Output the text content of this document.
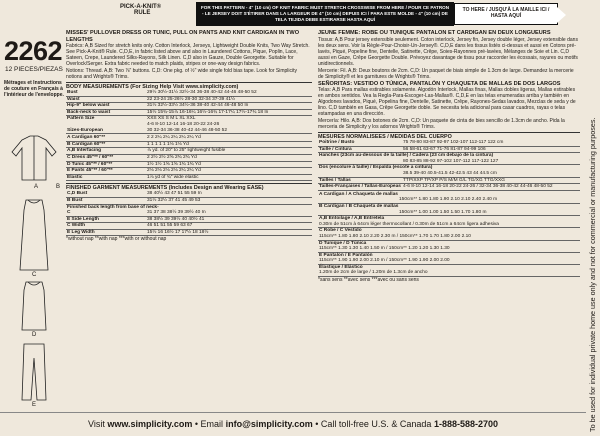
PICK-A-KNIT®
RULE
FOR THIS PATTERN - 4" (10 cm) OF KNIT FABRIC MUST STRETCH CROSSWISE FROM HERE / POUR CE PATRON - LE JERSEY DOIT S'ÉTIRER DANS LA LARGEUR DE 4" (10 cm) DEPUIS ICI / PARA ESTE MOLDE - 4" (10 cm) DE TELA TEJIDA DEBE ESTIRARSE HASTA AQUÍ
TO HERE / JUSQU'À LA MAILLE ICI / HASTA AQUÍ
2262
12 PIECES/PIEZAS
Métrages et Instructions de couture en Français à l'intérieur de l'enveloppe.
A	B
C
D
E
MISSES' PULLOVER DRESS OR TUNIC, PULL ON PANTS AND KNIT CARDIGAN IN TWO LENGTHS
Fabrics: A,B Sized for stretch knits only. Cotton Interlock, Jerseys, Lightweight Double Knits, Two Way Stretch. See Pick-A-Knit® Rule. C,D,E, in fabric listed above and also in Laundered Cottons, Pique, Poplin, Lace, Sateen, Crepe, Laundered Silks-Rayons, Silk Linen. C,D also in Gauze, Double Georgette. Suitable for Overlock/Serger. Extra fabric needed to match plaids, stripes or one-way design fabrics.
Notions: Thread. A,B: Two ⅞" buttons. C,D: One pkg. of ½" wide single fold bias tape. Look for Simplicity notions and Wrights® Trims.
BODY MEASUREMENTS (For Sizing Help Visit www.simplicity.com)
Bust	29½ 30½-31½ 32½-34 36-38 40-42 44-46 48-50 52
Waist	22 23-24 25-26½ 28-30 32-34 37-39 41½
Hip-9" below waist	31½ 32½-33½ 34½-36 38-40 42-44 46-48 50 In
Back-neck to waist	15½ 15¾-15⅞ 16-16¼ 16½-16¾ 17-17¼ 17½-17¾ 18 In
Pattern Size	XXS XS S M L XL XXL
	4-6 8-10 12-14 16-18 20-22 24-26
Sizes-European	30 32-34 36-38 40-42 44-46 48-50 52
A Cardigan 60"**	2 2 2¼ 2¼ 2¼ 2¼ 2¼ Yd
B Cardigan 60"**	1 1 1 1 1 1⅛ 1⅛ Yd
A,B Interfacing	⅞ yd. of 20" to 25" lightweight fusible
C Dress 45"** / 60"**	2 2½ 2½ 2⅝ 2¾ 2¾ Yd
D Tunic 45"** / 60"**	1½ 1½ 1⅝ 1⅝ 1¾ 1¾ Yd
E Pants 45"** / 60"**	2⅛ 2⅛ 2⅛ 2⅛ 2¼ 2¼ Yd
Elastic	1⅞ yd of ¾" wide elastic
FINISHED GARMENT MEASUREMENTS (Includes Design and Wearing EASE)
C,D Bust	38 40½ 43 47 51 55 59 In
B Bust	31½ 32½ 37 41 45 49 53
Finished back length from base of neck-	
C	31 37 38 38½ 39 39½ 40 In
E Side Length	38 38½ 39 39½ 40 40½ 41
C Width	46 51 51 55 59 63 67
E Leg Width	15½ 16 16½ 17 17½ 18 18½
*without nap **with nap ***with or without nap
JEUNE FEMME: ROBE OU TUNIQUE PANTALON ET CARDIGAN EN DEUX LONGUEURS
Tissus: A,B Pour jersey extensible seulement. Coton interlock, Jersey fin, Jersey double léger, Jersey extensible dans les deux sens. Voir la Règle-Pour-Choisir-Un-Jersey®. C,D,E dans les tissus listés ci-dessus et aussi en Cotons pré-lavés, Piqué, Popeline fine, Dentelle, Satinette, Crêpe, Soies-Rayonnes pré-lavées, Mélanges de Soie et Lin. C,D aussi en Gaze, Crêpe Georgette Double. Prévoyez davantage de tissu pour raccorder les écossais, rayures ou motifs unidirectionnels.
Mercerie: Fil. A,B: Deux boutons de 2cm. C,D: Un paquet de biais simple de 1.3cm de large. Demandez la mercerie de Simplicity® et les garnitures de Wrights® Trims.
SEÑORITAS: VESTIDO O TÚNICA, PANTALÓN Y CHAQUETA DE MALLAS DE DOS LARGOS
Telas: A,B Para mallas estirables solamente. Algodón Interlock, Mallas finas, Mallas dobles ligeras, Mallas estirables en ambos sentidos. Vea la Regla-Para-Escoger-Las-Mallas®. C,D,E en las telas enumeradas arriba y también en Algodones lavados, Piqué, Popelina fine, Dentelle, Satinette, Crêpe, Rayones-Sedas lavados, Mezclas de seda y de lino. C,D también en Gasa, Crêpe Georgette doble. Se necesita tela adicional para casar cuadros, rayas o telas estampadas en una dirección.
Mercería: Hilo. A,B: Dos botones de 2cm. C,D: Un paquete de cinta de bies sencillo de 1.3cm de ancho. Pida la merceria de Simplicity y los adornos Wrights® Trims.
MESURES NORMALISEES / MEDIDAS DEL CUERPO
Poitrine / Busto	75 78-80 83-87 92-97 102-107 112-117 122 cm
Taille / Cintura	56 58-61 63-67 71-76 81-87 94-99 106
Hanches (23cm au-dessous de la taille) / Cadera (23 cm debajo de la cintura)	
	80 83-85 88-92 97-102 107-112 117-122 127
Dos (encolure à taille) / Espalda (escote a cintura)	
	38.5 39-40 40.5-41.5 42-42.5 43 44 44.5 cm
Tailles / Tallas	TTP/XXP TP/XP P/S M/M G/L TG/XG TTG/XXG
Tailles-Françaises / Tallas-Europeas	4-6 8-10 12-14 16-18 20-22 24-26 / 32-34 36-38 40-42 44-46 48-50 52
A Cardigan / A Chaqueta de mallas	
	150cm** 1.80 1.80 1.90 2.10 2.10 2.40 2.40 m
B Cardigan / B Chaqueta de mallas	
	150cm** 1.00 1.00 1.50 1.50 1.70 1.80 m
A,B Entoilage / A,B Entretela	
0.30m de 51cm à 64cm léger thermocollant / 0.30m de 51cm a 64cm ligera adhesiva	
C Robe / C Vestido	
115cm** 1.80 1.80 2.10 2.20 2.30 m / 150cm** 1.70 1.70 1.80 2.00 2.10	
D Tunique / D Túnica	
115cm** 1.30 1.30 1.40 1.50 m / 150cm** 1.20 1.20 1.30 1.30	
E Pantalon / E Pantalón	
115cm** 1.90 1.90 2.00 2.10 m / 150cm** 1.90 1.90 2.00 2.00	
Élastique / Elástico	
1.20m de 2cm de large / 1.20m de 1.3cm de ancho	
*sans sens **avec sens ***avec ou sans sens	To be used for individual private home use only and not for commercial or manufacturing purposes.
Visit www.simplicity.com • Email info@simplicity.com • Call toll-free U.S. & Canada 1-888-588-2700
